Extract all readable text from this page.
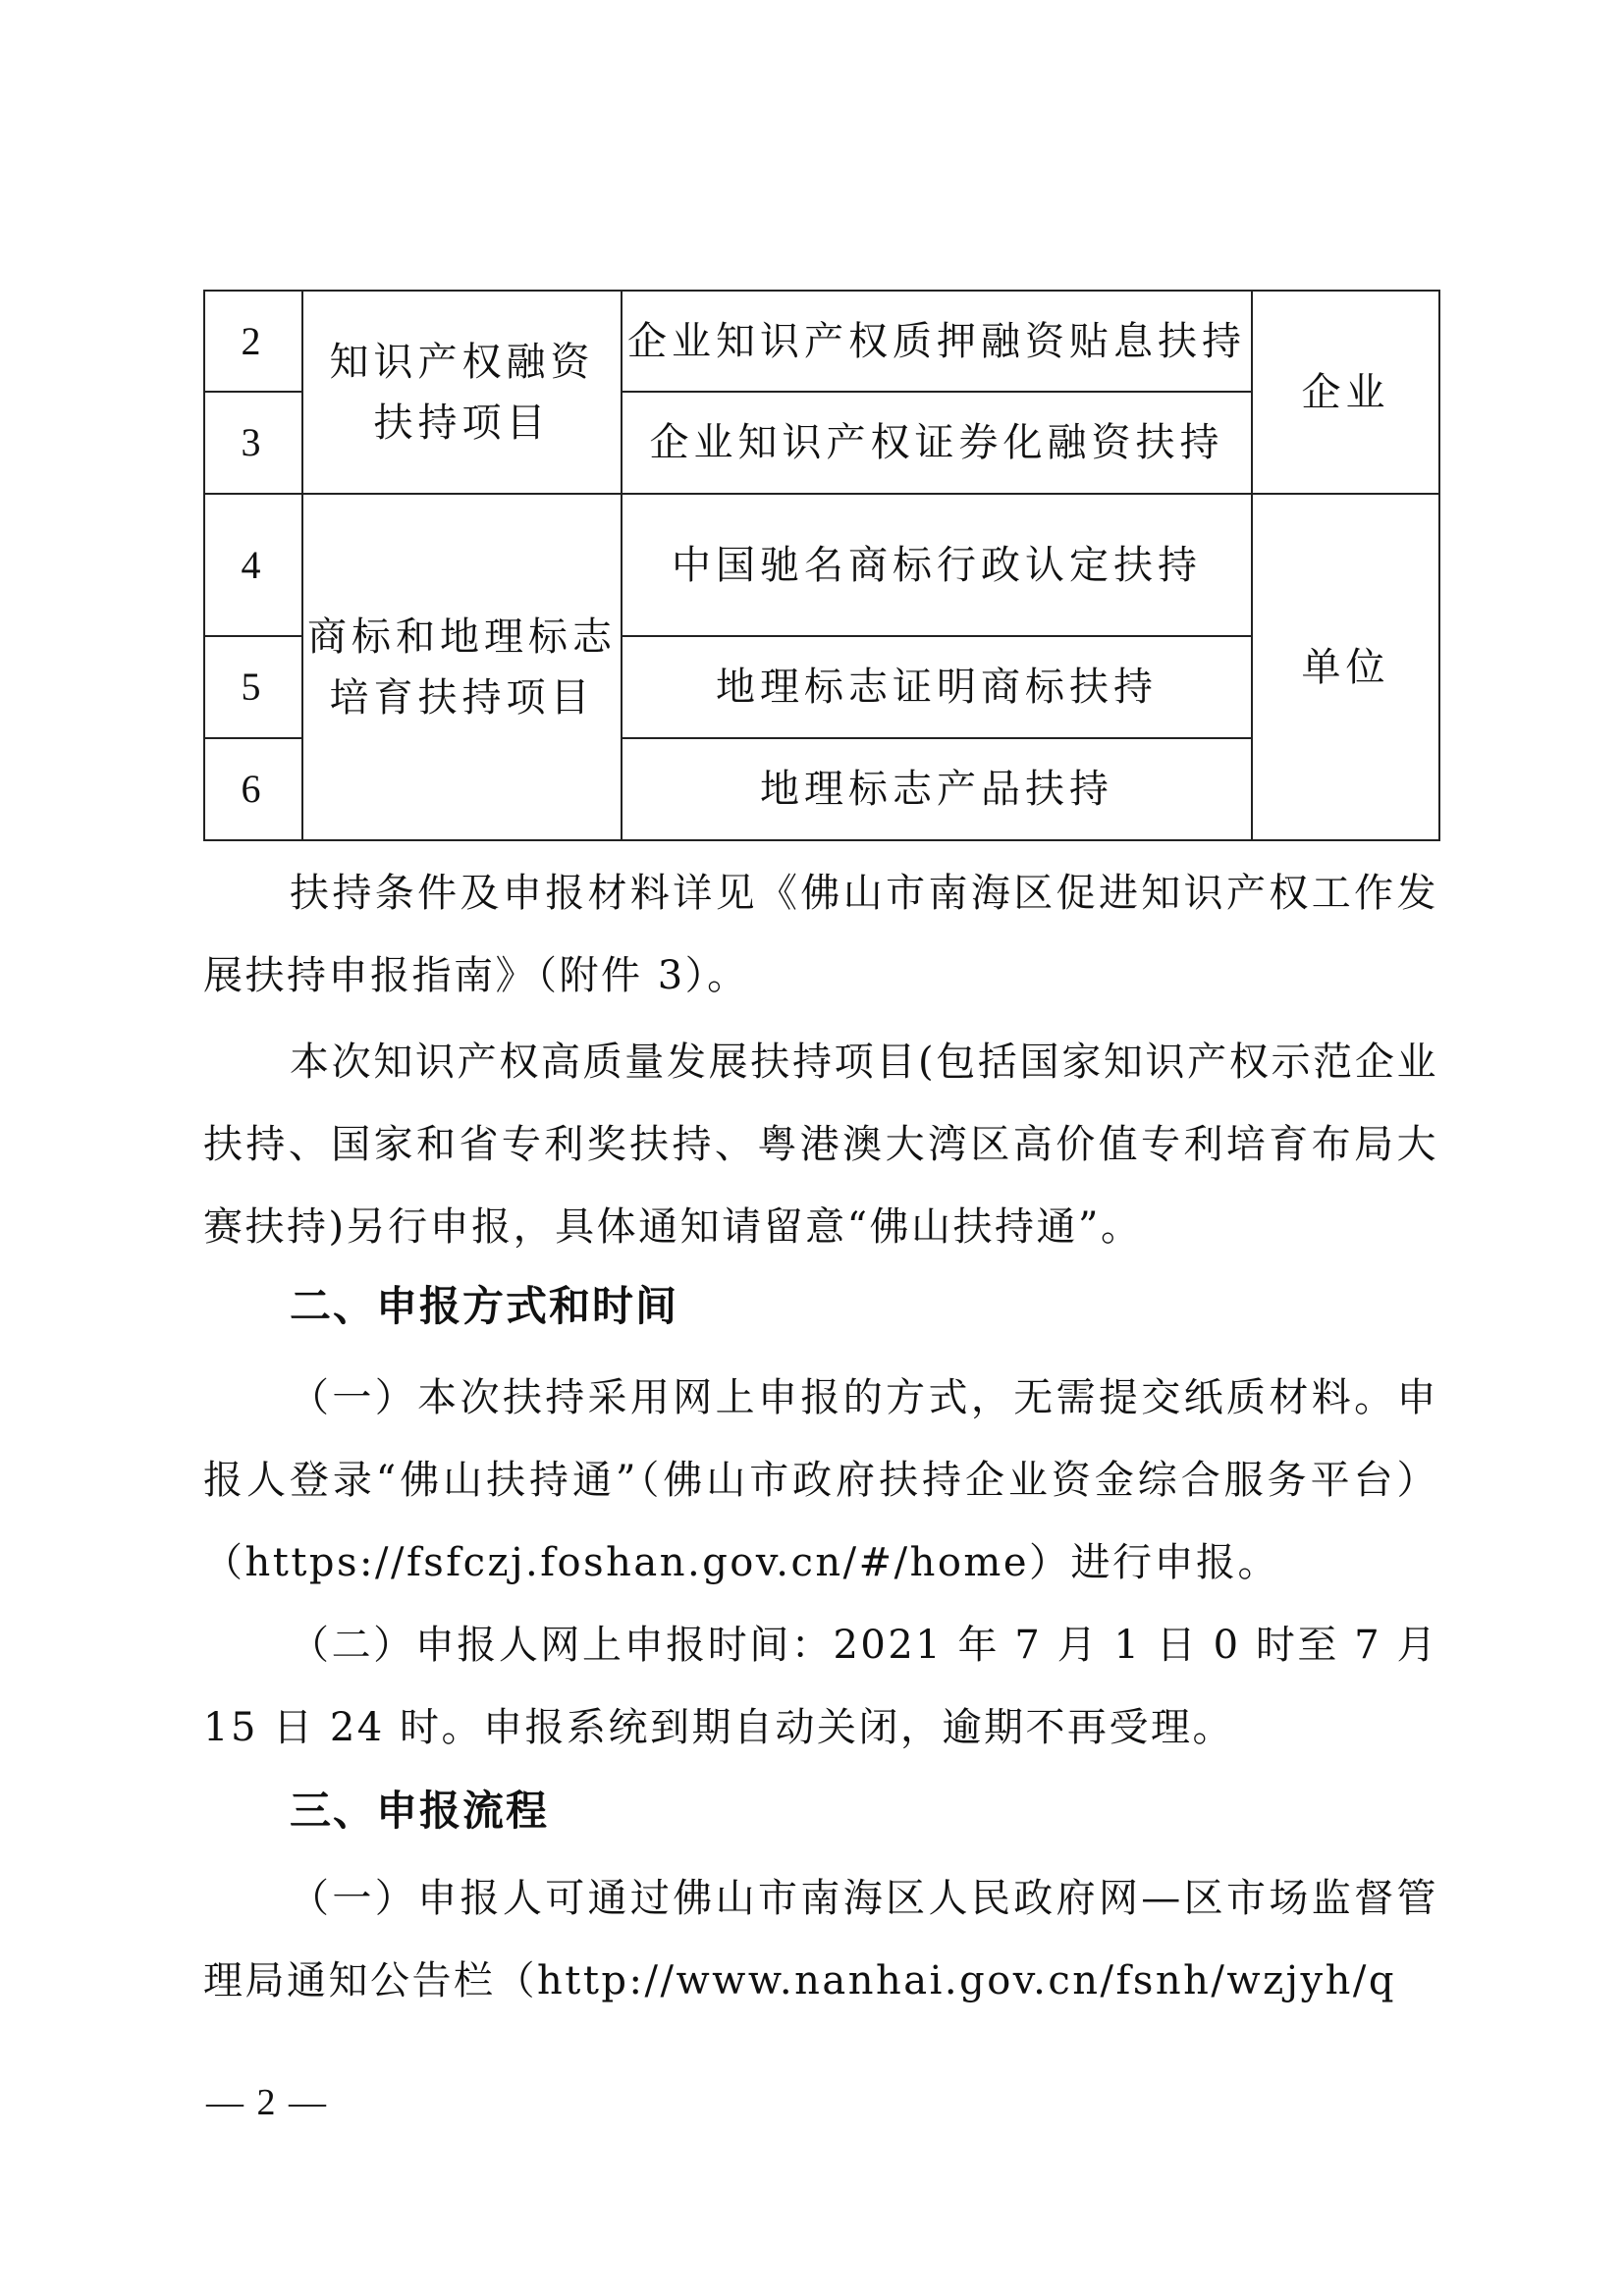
2	知识产权融资扶持项目	企业知识产权质押融资贴息扶持	企业
3		企业知识产权证券化融资扶持	
4	商标和地理标志培育扶持项目	中国驰名商标行政认定扶持	单位
5		地理标志证明商标扶持	
6		地理标志产品扶持	
扶持条件及申报材料详见《佛山市南海区促进知识产权工作发展扶持申报指南》（附件 3）。
本次知识产权高质量发展扶持项目(包括国家知识产权示范企业扶持、国家和省专利奖扶持、粤港澳大湾区高价值专利培育布局大赛扶持)另行申报，具体通知请留意“佛山扶持通”。
二、申报方式和时间
（一）本次扶持采用网上申报的方式，无需提交纸质材料。申报人登录“佛山扶持通”（佛山市政府扶持企业资金综合服务平台）（https://fsfczj.foshan.gov.cn/#/home）进行申报。
（二）申报人网上申报时间：2021 年 7 月 1 日 0 时至 7 月 15 日 24 时。申报系统到期自动关闭，逾期不再受理。
三、申报流程
（一）申报人可通过佛山市南海区人民政府网—区市场监督管理局通知公告栏（http://www.nanhai.gov.cn/fsnh/wzjyh/q
— 2 —
